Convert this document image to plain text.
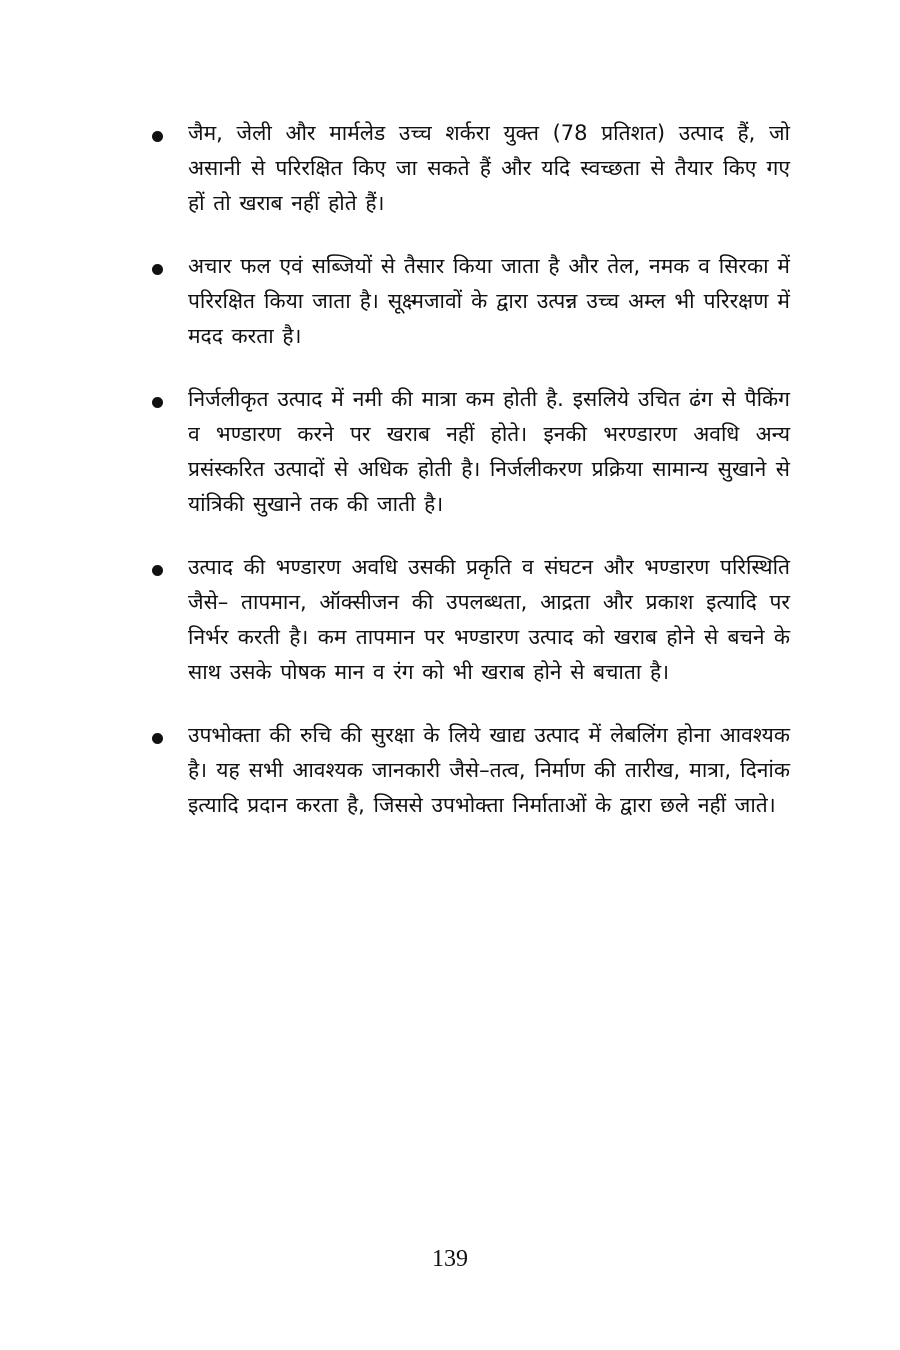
जैम, जेली और मार्मलेड उच्च शर्करा युक्त (78 प्रतिशत) उत्पाद हैं, जो असानी से परिरक्षित किए जा सकते हैं और यदि स्वच्छता से तैयार किए गए हों तो खराब नहीं होते हैं।

अचार फल एवं सब्जियों से तैसार किया जाता है और तेल, नमक व सिरका में परिरक्षित किया जाता है। सूक्ष्मजावों के द्वारा उत्पन्न उच्च अम्ल भी परिरक्षण में मदद करता है।

निर्जलीकृत उत्पाद में नमी की मात्रा कम होती है. इसलिये उचित ढंग से पैकिंग व भण्डारण करने पर खराब नहीं होते। इनकी भरण्डारण अवधि अन्य प्रसंस्करित उत्पादों से अधिक होती है। निर्जलीकरण प्रक्रिया सामान्य सुखाने से यांत्रिकी सुखाने तक की जाती है।

उत्पाद की भण्डारण अवधि उसकी प्रकृति व संघटन और भण्डारण परिस्थिति जैसे– तापमान, ऑक्सीजन की उपलब्धता, आद्रता और प्रकाश इत्यादि पर निर्भर करती है। कम तापमान पर भण्डारण उत्पाद को खराब होने से बचने के साथ उसके पोषक मान व रंग को भी खराब होने से बचाता है।

उपभोक्ता की रुचि की सुरक्षा के लिये खाद्य उत्पाद में लेबलिंग होना आवश्यक है। यह सभी आवश्यक जानकारी जैसे–तत्व, निर्माण की तारीख, मात्रा, दिनांक इत्यादि प्रदान करता है, जिससे उपभोक्ता निर्माताओं के द्वारा छले नहीं जाते।

139
